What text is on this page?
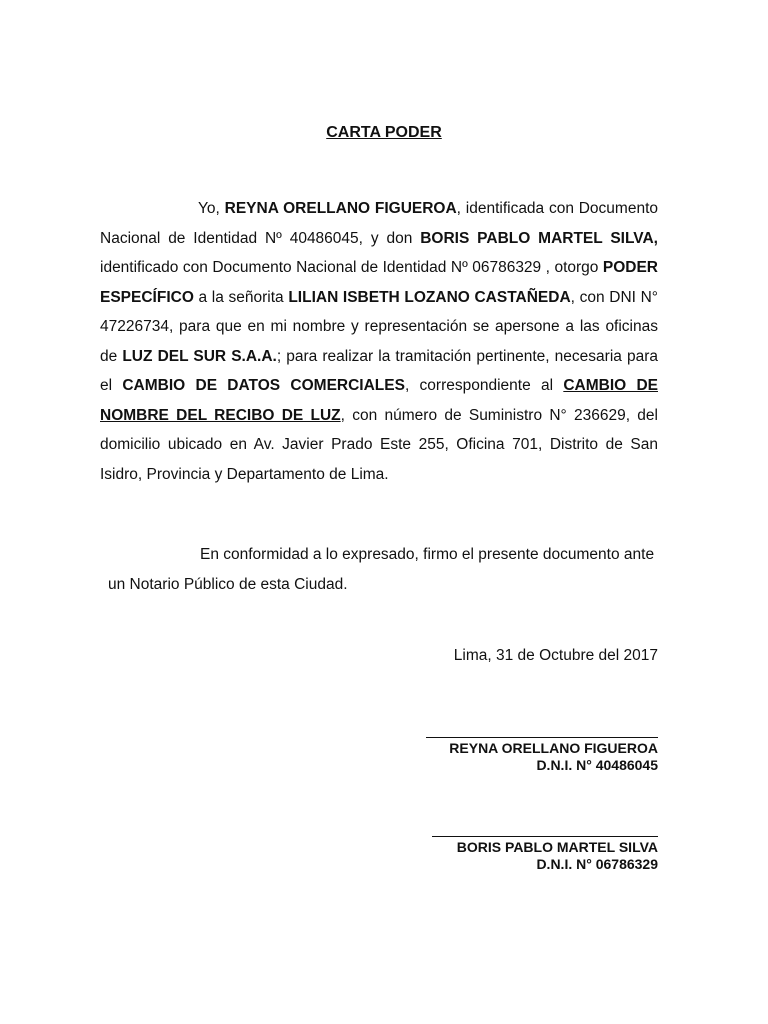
CARTA PODER

Yo, REYNA ORELLANO FIGUEROA, identificada con Documento Nacional de Identidad Nº 40486045, y don BORIS PABLO MARTEL SILVA, identificado con Documento Nacional de Identidad Nº 06786329 , otorgo PODER ESPECÍFICO a la señorita LILIAN ISBETH LOZANO CASTAÑEDA, con DNI N° 47226734, para que en mi nombre y representación se apersone a las oficinas de LUZ DEL SUR S.A.A.; para realizar la tramitación pertinente, necesaria para el CAMBIO DE DATOS COMERCIALES, correspondiente al CAMBIO DE NOMBRE DEL RECIBO DE LUZ, con número de Suministro N° 236629, del domicilio ubicado en Av. Javier Prado Este 255, Oficina 701, Distrito de San Isidro, Provincia y Departamento de Lima.

En conformidad a lo expresado, firmo el presente documento ante un Notario Público de esta Ciudad.

Lima, 31 de Octubre del 2017

REYNA ORELLANO FIGUEROA
D.N.I. N° 40486045
BORIS PABLO MARTEL SILVA
D.N.I. N° 06786329
